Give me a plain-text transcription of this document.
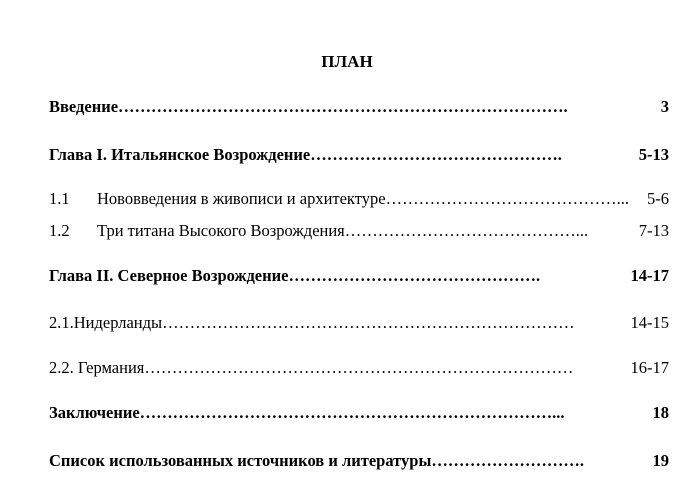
ПЛАН
Введение ……………………………………………………………………….	3
Глава I. Итальянское Возрождение ……………………………………….	5-13
1.1	Нововведения в живописи и архитектуре ……………………………………...	5-6
1.2	Три титана Высокого Возрождения ……………………………………...	7-13
Глава II. Северное Возрождение ……………………………………….	14-17
2.1.Нидерланды …………………………………………………………………	14-15
2.2. Германия ……………………………………………………………………	16-17
Заключение …………………………………………………………………...	18
Список использованных источников и литературы ……………………….	19
